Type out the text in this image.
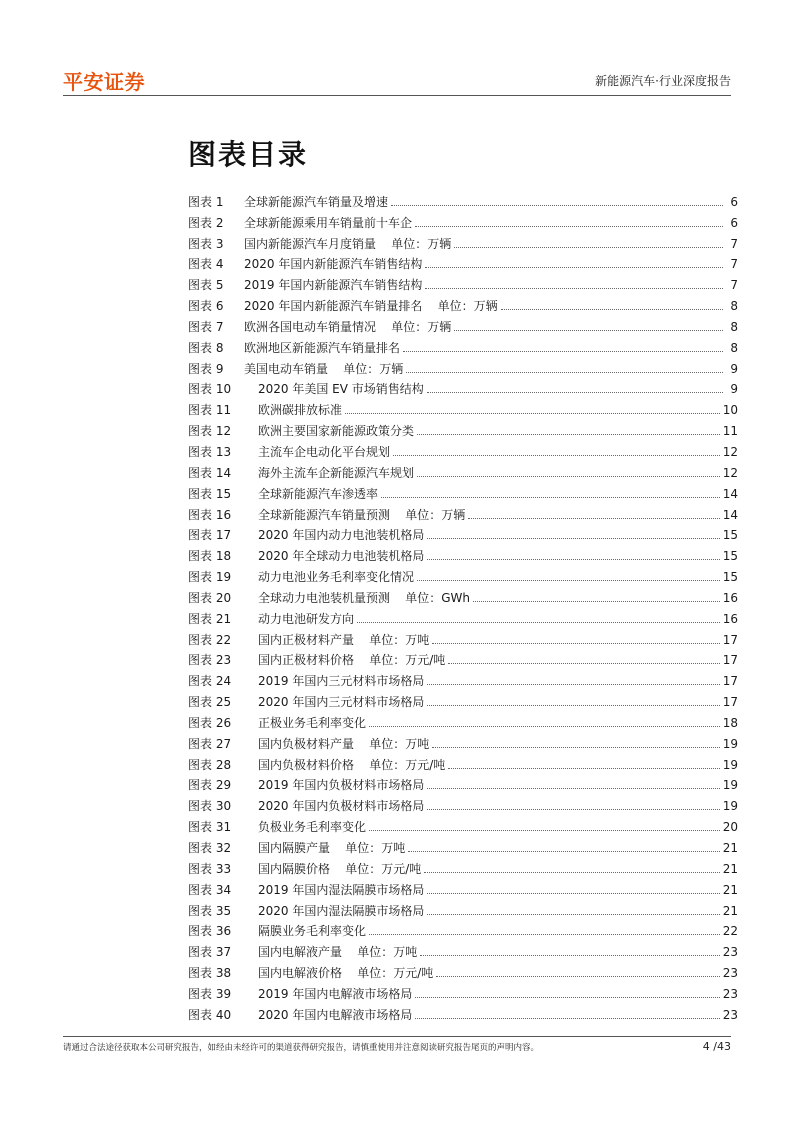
平安证券	新能源汽车·行业深度报告
图表目录
图表 1	全球新能源汽车销量及增速	6
图表 2	全球新能源乘用车销量前十车企	6
图表 3	国内新能源汽车月度销量    单位：万辆	7
图表 4	2020 年国内新能源汽车销售结构	7
图表 5	2019 年国内新能源汽车销售结构	7
图表 6	2020 年国内新能源汽车销量排名    单位：万辆	8
图表 7	欧洲各国电动车销量情况    单位：万辆	8
图表 8	欧洲地区新能源汽车销量排名	8
图表 9	美国电动车销量    单位：万辆	9
图表 10	2020 年美国 EV 市场销售结构	9
图表 11	欧洲碳排放标准	10
图表 12	欧洲主要国家新能源政策分类	11
图表 13	主流车企电动化平台规划	12
图表 14	海外主流车企新能源汽车规划	12
图表 15	全球新能源汽车渗透率	14
图表 16	全球新能源汽车销量预测    单位：万辆	14
图表 17	2020 年国内动力电池装机格局	15
图表 18	2020 年全球动力电池装机格局	15
图表 19	动力电池业务毛利率变化情况	15
图表 20	全球动力电池装机量预测    单位：GWh	16
图表 21	动力电池研发方向	16
图表 22	国内正极材料产量    单位：万吨	17
图表 23	国内正极材料价格    单位：万元/吨	17
图表 24	2019 年国内三元材料市场格局	17
图表 25	2020 年国内三元材料市场格局	17
图表 26	正极业务毛利率变化	18
图表 27	国内负极材料产量    单位：万吨	19
图表 28	国内负极材料价格    单位：万元/吨	19
图表 29	2019 年国内负极材料市场格局	19
图表 30	2020 年国内负极材料市场格局	19
图表 31	负极业务毛利率变化	20
图表 32	国内隔膜产量    单位：万吨	21
图表 33	国内隔膜价格    单位：万元/吨	21
图表 34	2019 年国内湿法隔膜市场格局	21
图表 35	2020 年国内湿法隔膜市场格局	21
图表 36	隔膜业务毛利率变化	22
图表 37	国内电解液产量    单位：万吨	23
图表 38	国内电解液价格    单位：万元/吨	23
图表 39	2019 年国内电解液市场格局	23
图表 40	2020 年国内电解液市场格局	23
请通过合法途径获取本公司研究报告，如经由未经许可的渠道获得研究报告，请慎重使用并注意阅读研究报告尾页的声明内容。	4 /43
